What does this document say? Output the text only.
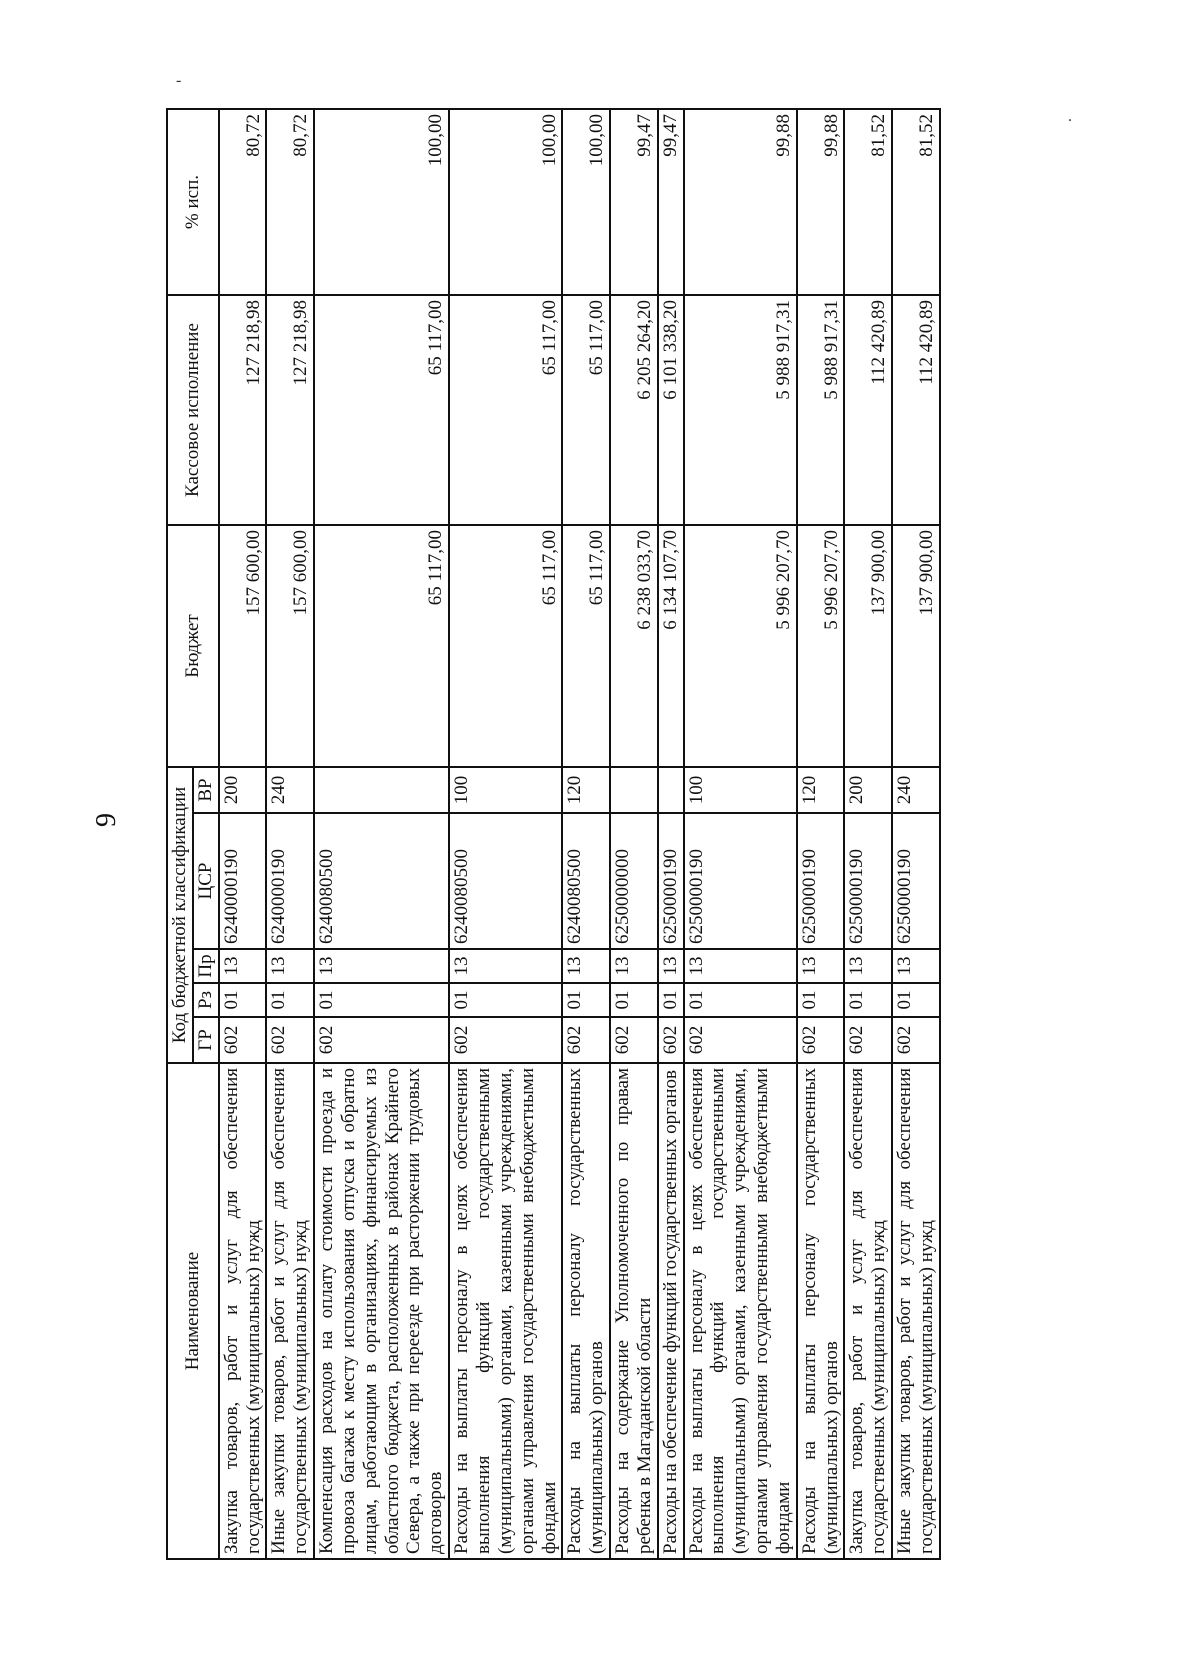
9
-
.
Наименование	Код бюджетной классификации					Бюджет	Кассовое исполнение	% исп.

	ГР	Рз	Пр	ЦСР	ВР			
Закупка товаров, работ и услуг для обеспечения государственных (муниципальных) нужд	602	01	13	6240000190	200	157 600,00	127 218,98	80,72
Иные закупки товаров, работ и услуг для обеспечения государственных (муниципальных) нужд	602	01	13	6240000190	240	157 600,00	127 218,98	80,72
Компенсация расходов на оплату стоимости проезда и провоза багажа к месту использования отпуска и обратно лицам, работающим в организациях, финансируемых из областного бюджета, расположенных в районах Крайнего Севера, а также при переезде при расторжении трудовых договоров	602	01	13	6240080500		65 117,00	65 117,00	100,00
Расходы на выплаты персоналу в целях обеспечения выполнения функций государственными (муниципальными) органами, казенными учреждениями, органами управления государственными внебюджетными фондами	602	01	13	6240080500	100	65 117,00	65 117,00	100,00
Расходы на выплаты персоналу государственных (муниципальных) органов	602	01	13	6240080500	120	65 117,00	65 117,00	100,00
Расходы на содержание Уполномоченного по правам ребенка в Магаданской области	602	01	13	6250000000		6 238 033,70	6 205 264,20	99,47
Расходы на обеспечение функций государственных органов	602	01	13	6250000190		6 134 107,70	6 101 338,20	99,47
Расходы на выплаты персоналу в целях обеспечения выполнения функций государственными (муниципальными) органами, казенными учреждениями, органами управления государственными внебюджетными фондами	602	01	13	6250000190	100	5 996 207,70	5 988 917,31	99,88
Расходы на выплаты персоналу государственных (муниципальных) органов	602	01	13	6250000190	120	5 996 207,70	5 988 917,31	99,88
Закупка товаров, работ и услуг для обеспечения государственных (муниципальных) нужд	602	01	13	6250000190	200	137 900,00	112 420,89	81,52
Иные закупки товаров, работ и услуг для обеспечения государственных (муниципальных) нужд	602	01	13	6250000190	240	137 900,00	112 420,89	81,52
